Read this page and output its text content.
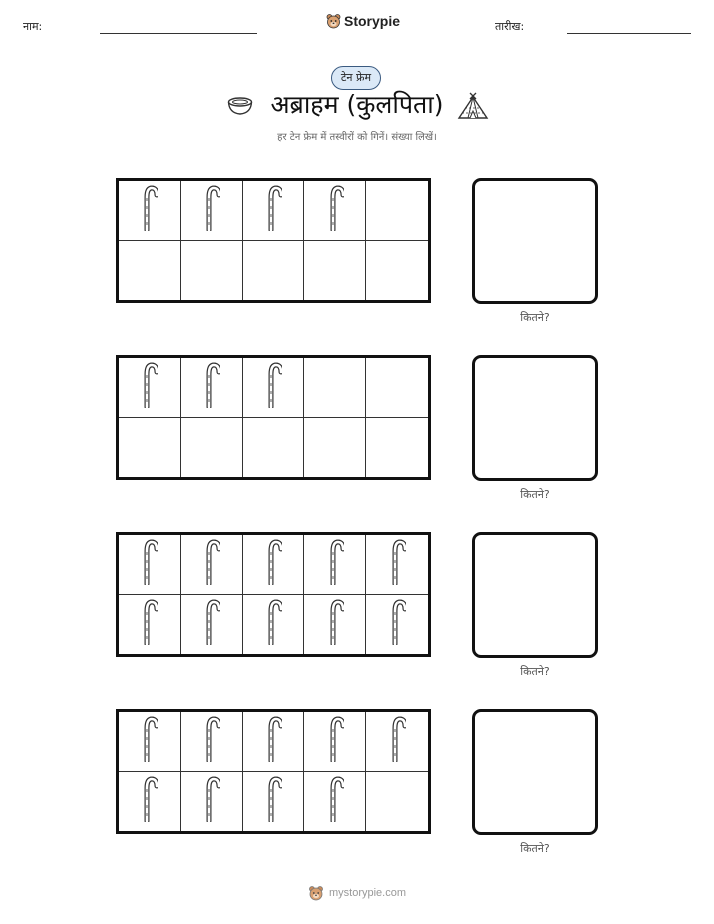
नाम:	Storypie	तारीख:
टेन फ्रेम
अब्राहम (कुलपिता)
हर टेन फ्रेम में तस्वीरों को गिनें। संख्या लिखें।
कितने?
कितने?
कितने?
कितने?
mystorypie.com
